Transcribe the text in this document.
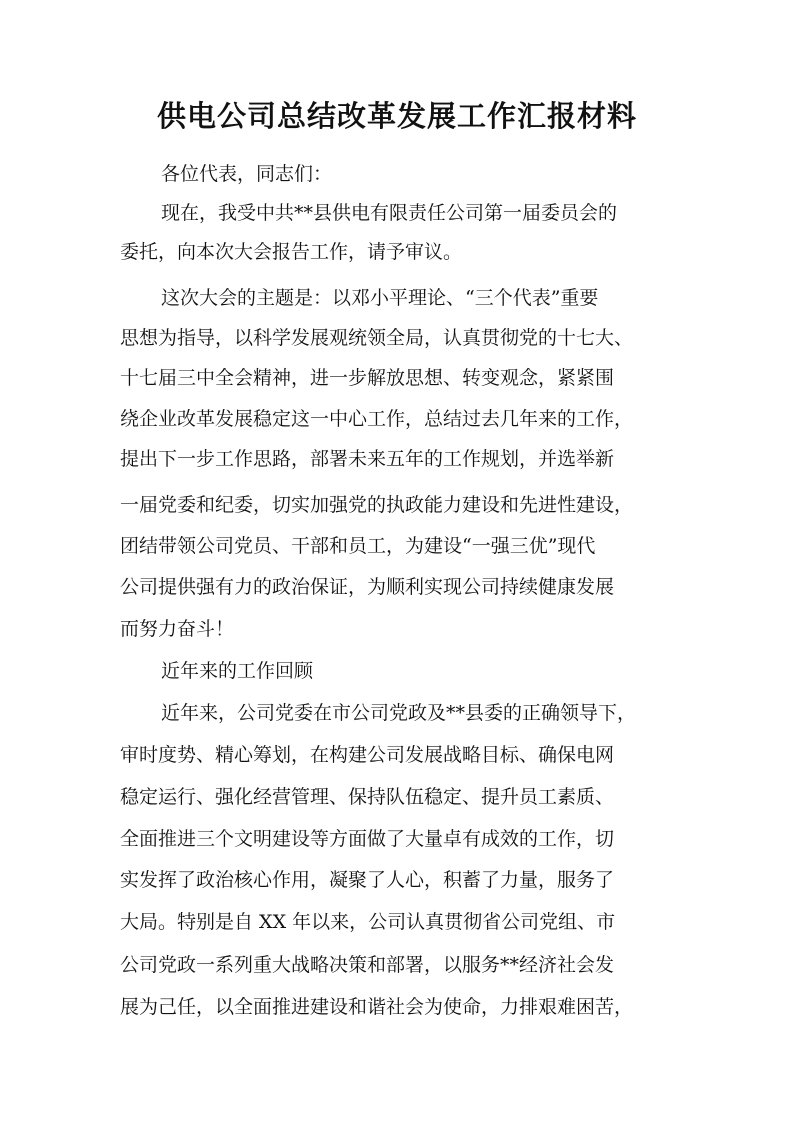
供电公司总结改革发展工作汇报材料
各位代表，同志们：
现在，我受中共**县供电有限责任公司第一届委员会的
委托，向本次大会报告工作，请予审议。
这次大会的主题是：以邓小平理论、“三个代表”重要
思想为指导，以科学发展观统领全局，认真贯彻党的十七大、
十七届三中全会精神，进一步解放思想、转变观念，紧紧围
绕企业改革发展稳定这一中心工作，总结过去几年来的工作，
提出下一步工作思路，部署未来五年的工作规划，并选举新
一届党委和纪委，切实加强党的执政能力建设和先进性建设，
团结带领公司党员、干部和员工，为建设“一强三优”现代
公司提供强有力的政治保证，为顺利实现公司持续健康发展
而努力奋斗！
近年来的工作回顾
近年来，公司党委在市公司党政及**县委的正确领导下，
审时度势、精心筹划，在构建公司发展战略目标、确保电网
稳定运行、强化经营管理、保持队伍稳定、提升员工素质、
全面推进三个文明建设等方面做了大量卓有成效的工作，切
实发挥了政治核心作用，凝聚了人心，积蓄了力量，服务了
大局。特别是自 XX 年以来，公司认真贯彻省公司党组、市
公司党政一系列重大战略决策和部署，以服务**经济社会发
展为己任，以全面推进建设和谐社会为使命，力排艰难困苦，
